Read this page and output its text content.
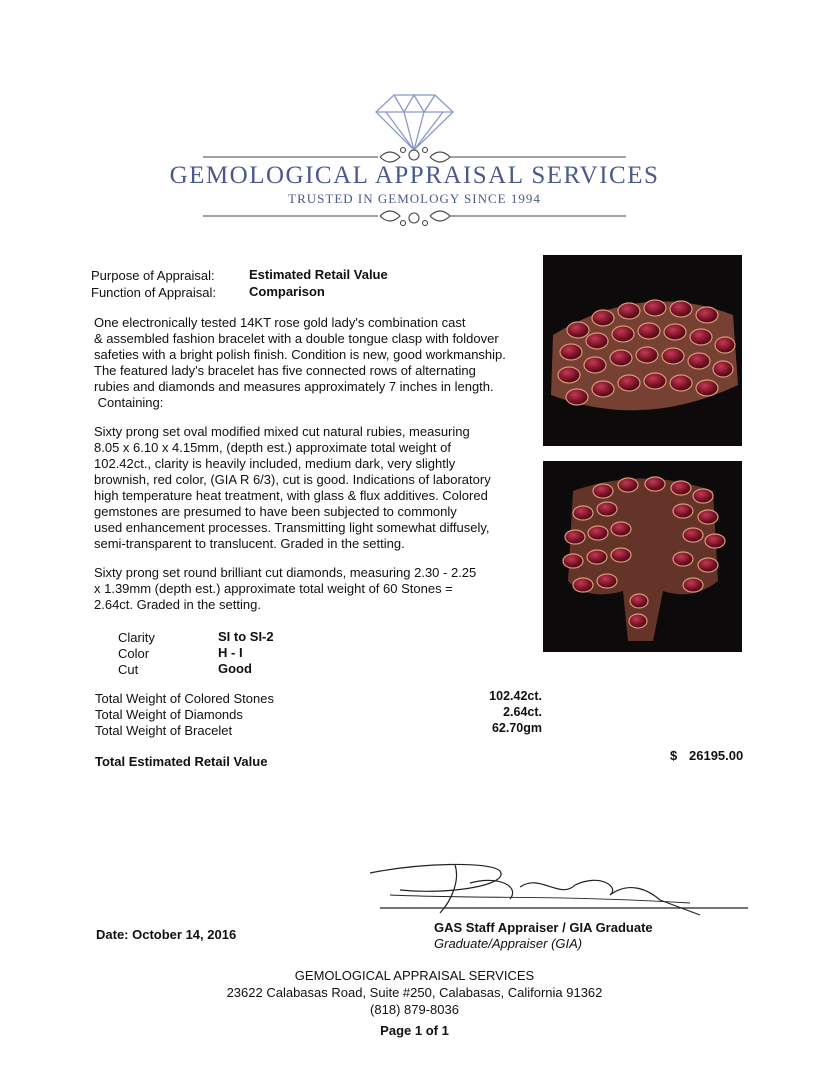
GEMOLOGICAL APPRAISAL SERVICES
TRUSTED IN GEMOLOGY SINCE 1994
Purpose of Appraisal:	Estimated Retail Value
Function of Appraisal:	Comparison
One electronically tested 14KT rose gold lady's combination cast
& assembled fashion bracelet with a double tongue clasp with foldover
safeties with a bright polish finish. Condition is new, good workmanship.
The featured lady's bracelet has five connected rows of alternating
rubies and diamonds and measures approximately 7 inches in length.
Containing:
Sixty prong set oval modified mixed cut natural rubies, measuring
8.05 x 6.10 x 4.15mm, (depth est.) approximate total weight of
102.42ct., clarity is heavily included, medium dark, very slightly
brownish, red color, (GIA R 6/3), cut is good. Indications of laboratory
high temperature heat treatment, with glass & flux additives. Colored
gemstones are presumed to have been subjected to commonly
used enhancement processes. Transmitting light somewhat diffusely,
semi-transparent to translucent. Graded in the setting.
Sixty prong set round brilliant cut diamonds, measuring 2.30 - 2.25
x 1.39mm (depth est.) approximate total weight of 60 Stones =
2.64ct. Graded in the setting.
Clarity	SI to SI-2
Color	H - I
Cut	Good
Total Weight of Colored Stones	102.42ct.
Total Weight of Diamonds	2.64ct.
Total Weight of Bracelet	62.70gm
Total Estimated Retail Value	$ 26195.00
Date: October 14, 2016	GAS Staff Appraiser / GIA Graduate
Graduate/Appraiser (GIA)
GEMOLOGICAL APPRAISAL SERVICES
23622 Calabasas Road, Suite #250, Calabasas, California 91362
(818) 879-8036
Page 1 of 1
